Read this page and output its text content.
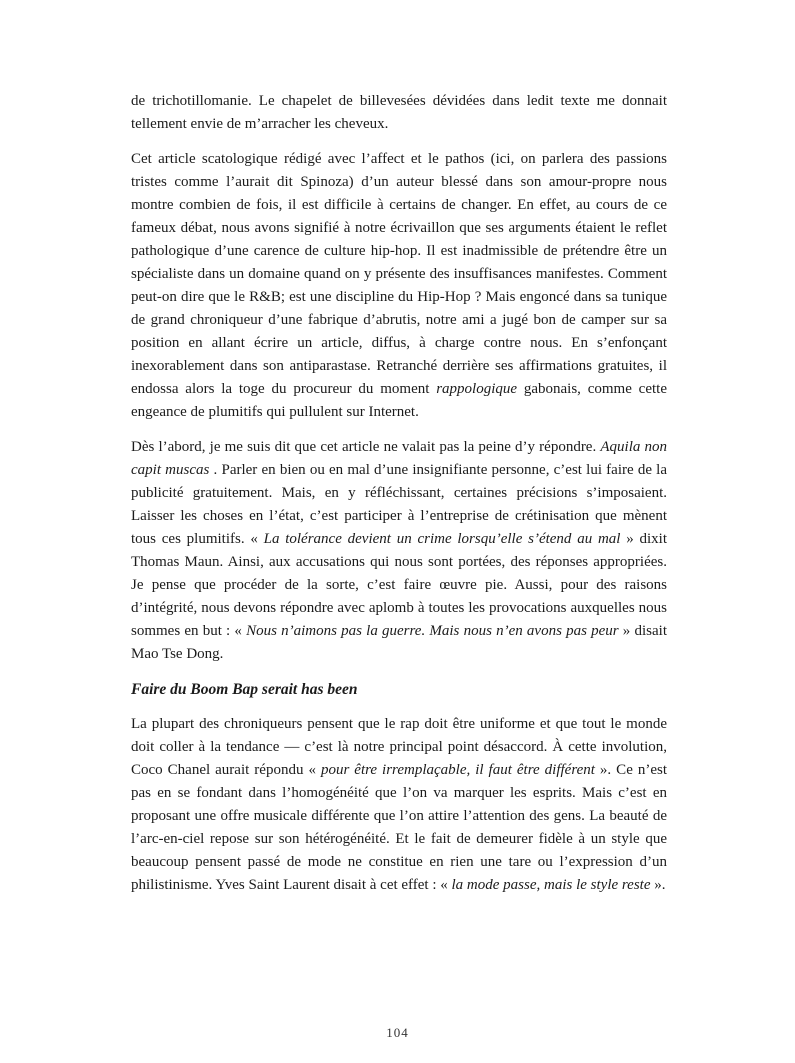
de trichotillomanie. Le chapelet de billevesées dévidées dans ledit texte me donnait tellement envie de m’arracher les cheveux.

Cet article scatologique rédigé avec l’affect et le pathos (ici, on parlera des passions tristes comme l’aurait dit Spinoza) d’un auteur blessé dans son amour-propre nous montre combien de fois, il est difficile à certains de changer. En effet, au cours de ce fameux débat, nous avons signifié à notre écrivaillon que ses arguments étaient le reflet pathologique d’une carence de culture hip-hop. Il est inadmissible de prétendre être un spécialiste dans un domaine quand on y présente des insuffisances manifestes. Comment peut-on dire que le R&B; est une discipline du Hip-Hop ? Mais engoncé dans sa tunique de grand chroniqueur d’une fabrique d’abrutis, notre ami a jugé bon de camper sur sa position en allant écrire un article, diffus, à charge contre nous. En s’enfonçant inexorablement dans son antiparastase. Retranché derrière ses affirmations gratuites, il endossa alors la toge du procureur du moment rappologique gabonais, comme cette engeance de plumitifs qui pullulent sur Internet.

Dès l’abord, je me suis dit que cet article ne valait pas la peine d’y répondre. Aquila non capit muscas . Parler en bien ou en mal d’une insignifiante personne, c’est lui faire de la publicité gratuitement. Mais, en y réfléchissant, certaines précisions s’imposaient. Laisser les choses en l’état, c’est participer à l’entreprise de crétinisation que mènent tous ces plumitifs. « La tolérance devient un crime lorsqu’elle s’étend au mal » dixit Thomas Maun. Ainsi, aux accusations qui nous sont portées, des réponses appropriées. Je pense que procéder de la sorte, c’est faire œuvre pie. Aussi, pour des raisons d’intégrité, nous devons répondre avec aplomb à toutes les provocations auxquelles nous sommes en but : « Nous n’aimons pas la guerre. Mais nous n’en avons pas peur » disait Mao Tse Dong.

Faire du Boom Bap serait has been

La plupart des chroniqueurs pensent que le rap doit être uniforme et que tout le monde doit coller à la tendance — c’est là notre principal point désaccord. À cette involution, Coco Chanel aurait répondu « pour être irremplaçable, il faut être différent ». Ce n’est pas en se fondant dans l’homogénéité que l’on va marquer les esprits. Mais c’est en proposant une offre musicale différente que l’on attire l’attention des gens. La beauté de l’arc-en-ciel repose sur son hétérogénéité. Et le fait de demeurer fidèle à un style que beaucoup pensent passé de mode ne constitue en rien une tare ou l’expression d’un philistinisme. Yves Saint Laurent disait à cet effet : « la mode passe, mais le style reste ».

104
